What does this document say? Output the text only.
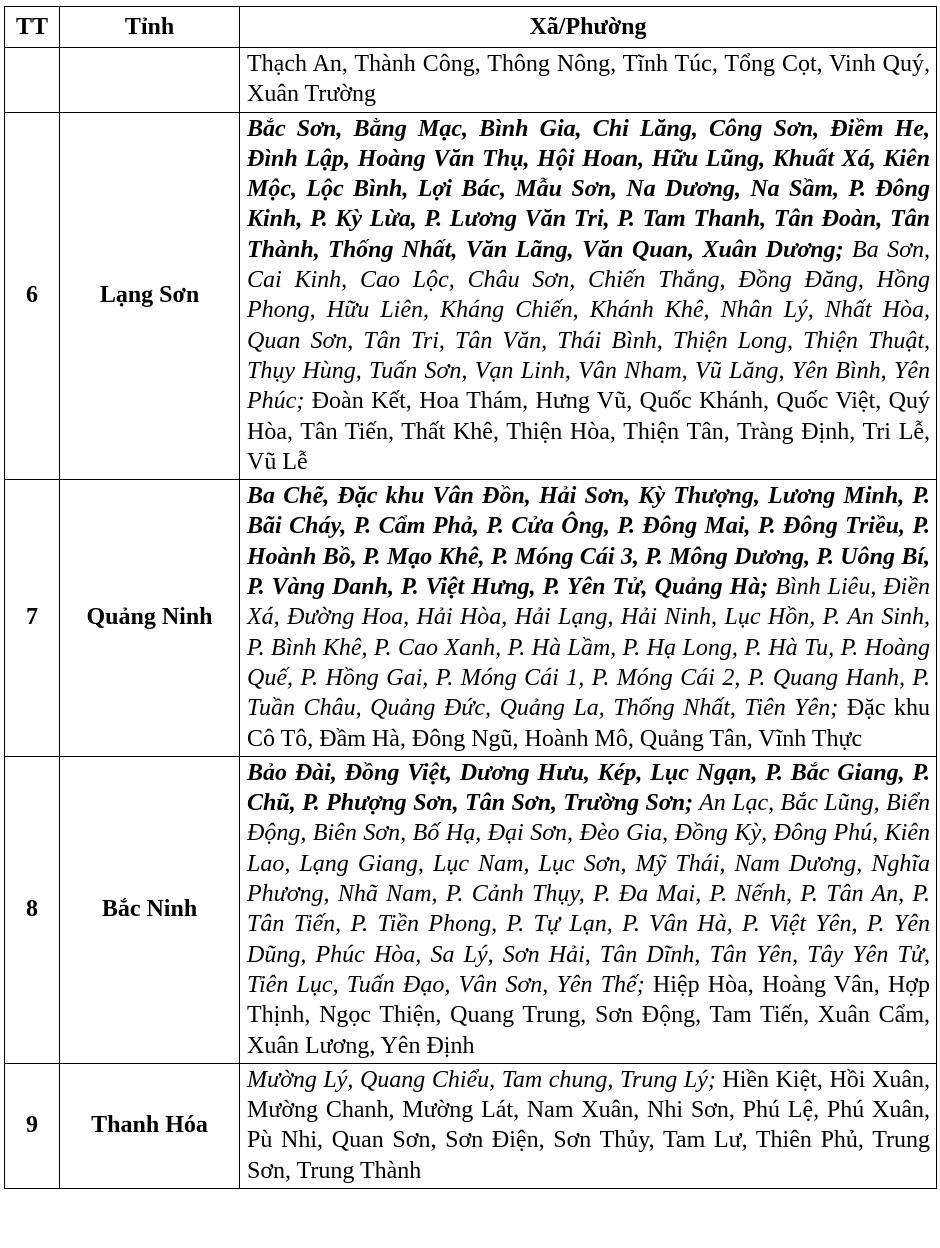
TT	Tỉnh	Xã/Phường
		Thạch An, Thành Công, Thông Nông, Tĩnh Túc, Tổng Cọt, Vinh Quý, Xuân Trường
6	Lạng Sơn	Bắc Sơn, Bằng Mạc, Bình Gia, Chi Lăng, Công Sơn, Điềm He, Đình Lập, Hoàng Văn Thụ, Hội Hoan, Hữu Lũng, Khuất Xá, Kiên Mộc, Lộc Bình, Lợi Bác, Mẫu Sơn, Na Dương, Na Sầm, P. Đông Kinh, P. Kỳ Lừa, P. Lương Văn Tri, P. Tam Thanh, Tân Đoàn, Tân Thành, Thống Nhất, Văn Lãng, Văn Quan, Xuân Dương; Ba Sơn, Cai Kinh, Cao Lộc, Châu Sơn, Chiến Thắng, Đồng Đăng, Hồng Phong, Hữu Liên, Kháng Chiến, Khánh Khê, Nhân Lý, Nhất Hòa, Quan Sơn, Tân Tri, Tân Văn, Thái Bình, Thiện Long, Thiện Thuật, Thụy Hùng, Tuấn Sơn, Vạn Linh, Vân Nham, Vũ Lăng, Yên Bình, Yên Phúc; Đoàn Kết, Hoa Thám, Hưng Vũ, Quốc Khánh, Quốc Việt, Quý Hòa, Tân Tiến, Thất Khê, Thiện Hòa, Thiện Tân, Tràng Định, Tri Lễ, Vũ Lễ
7	Quảng Ninh	Ba Chẽ, Đặc khu Vân Đồn, Hải Sơn, Kỳ Thượng, Lương Minh, P. Bãi Cháy, P. Cẩm Phả, P. Cửa Ông, P. Đông Mai, P. Đông Triều, P. Hoành Bồ, P. Mạo Khê, P. Móng Cái 3, P. Mông Dương, P. Uông Bí, P. Vàng Danh, P. Việt Hưng, P. Yên Tử, Quảng Hà; Bình Liêu, Điền Xá, Đường Hoa, Hải Hòa, Hải Lạng, Hải Ninh, Lục Hồn, P. An Sinh, P. Bình Khê, P. Cao Xanh, P. Hà Lầm, P. Hạ Long, P. Hà Tu, P. Hoàng Quế, P. Hồng Gai, P. Móng Cái 1, P. Móng Cái 2, P. Quang Hanh, P. Tuần Châu, Quảng Đức, Quảng La, Thống Nhất, Tiên Yên; Đặc khu Cô Tô, Đầm Hà, Đông Ngũ, Hoành Mô, Quảng Tân, Vĩnh Thực
8	Bắc Ninh	Bảo Đài, Đồng Việt, Dương Hưu, Kép, Lục Ngạn, P. Bắc Giang, P. Chũ, P. Phượng Sơn, Tân Sơn, Trường Sơn; An Lạc, Bắc Lũng, Biển Động, Biên Sơn, Bố Hạ, Đại Sơn, Đèo Gia, Đồng Kỳ, Đông Phú, Kiên Lao, Lạng Giang, Lục Nam, Lục Sơn, Mỹ Thái, Nam Dương, Nghĩa Phương, Nhã Nam, P. Cảnh Thụy, P. Đa Mai, P. Nếnh, P. Tân An, P. Tân Tiến, P. Tiền Phong, P. Tự Lạn, P. Vân Hà, P. Việt Yên, P. Yên Dũng, Phúc Hòa, Sa Lý, Sơn Hải, Tân Dĩnh, Tân Yên, Tây Yên Tử, Tiên Lục, Tuấn Đạo, Vân Sơn, Yên Thế; Hiệp Hòa, Hoàng Vân, Hợp Thịnh, Ngọc Thiện, Quang Trung, Sơn Động, Tam Tiến, Xuân Cẩm, Xuân Lương, Yên Định
9	Thanh Hóa	Mường Lý, Quang Chiểu, Tam chung, Trung Lý; Hiền Kiệt, Hồi Xuân, Mường Chanh, Mường Lát, Nam Xuân, Nhi Sơn, Phú Lệ, Phú Xuân, Pù Nhi, Quan Sơn, Sơn Điện, Sơn Thủy, Tam Lư, Thiên Phủ, Trung Sơn, Trung Thành
